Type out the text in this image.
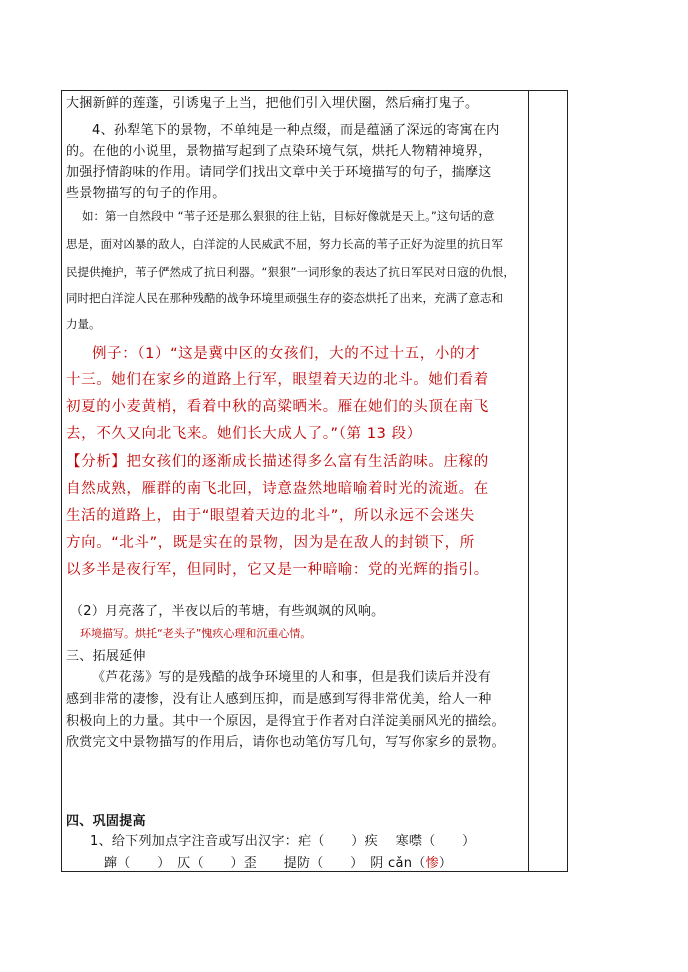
大捆新鲜的莲蓬，引诱鬼子上当，把他们引入埋伏圈，然后痛打鬼子。
4、孙犁笔下的景物，不单纯是一种点缀，而是蕴涵了深远的寄寓在内
的。在他的小说里，景物描写起到了点染环境气氛，烘托人物精神境界，
加强抒情韵味的作用。请同学们找出文章中关于环境描写的句子，揣摩这
些景物描写的句子的作用。
如：第一自然段中 “苇子还是那么狠狠的往上钻，目标好像就是天上。”这句话的意
思是，面对凶暴的敌人，白洋淀的人民威武不屈，努力长高的苇子正好为淀里的抗日军
民提供掩护，苇子俨然成了抗日利器。“狠狠”一词形象的表达了抗日军民对日寇的仇恨，
同时把白洋淀人民在那种残酷的战争环境里顽强生存的姿态烘托了出来，充满了意志和
力量。
例子：（1）“这是冀中区的女孩们，大的不过十五，小的才
十三。她们在家乡的道路上行军，眼望着天边的北斗。她们看着
初夏的小麦黄梢，看着中秋的高粱晒米。雁在她们的头顶在南飞
去，不久又向北飞来。她们长大成人了。”（第 13 段）
【分析】把女孩们的逐渐成长描述得多么富有生活韵味。庄稼的
自然成熟，雁群的南飞北回，诗意盎然地暗喻着时光的流逝。在
生活的道路上，由于“眼望着天边的北斗”，所以永远不会迷失
方向。“北斗”，既是实在的景物，因为是在敌人的封锁下，所
以多半是夜行军，但同时，它又是一种暗喻：党的光辉的指引。
（2）月亮落了，半夜以后的苇塘，有些飒飒的风响。
环境描写。烘托“老头子”愧疚心理和沉重心情。
三、拓展延伸
《芦花荡》写的是残酷的战争环境里的人和事，但是我们读后并没有
感到非常的凄惨，没有让人感到压抑，而是感到写得非常优美，给人一种
积极向上的力量。其中一个原因，是得宜于作者对白洋淀美丽风光的描绘。
欣赏完文中景物描写的作用后，请你也动笔仿写几句，写写你家乡的景物。
四、巩固提高
1、给下列加点字注音或写出汉字：疟（　　）疾　 寒噤（　　）
蹿（　　）　仄（　　）歪　　提防（　　）　阴 cǎn（惨）
